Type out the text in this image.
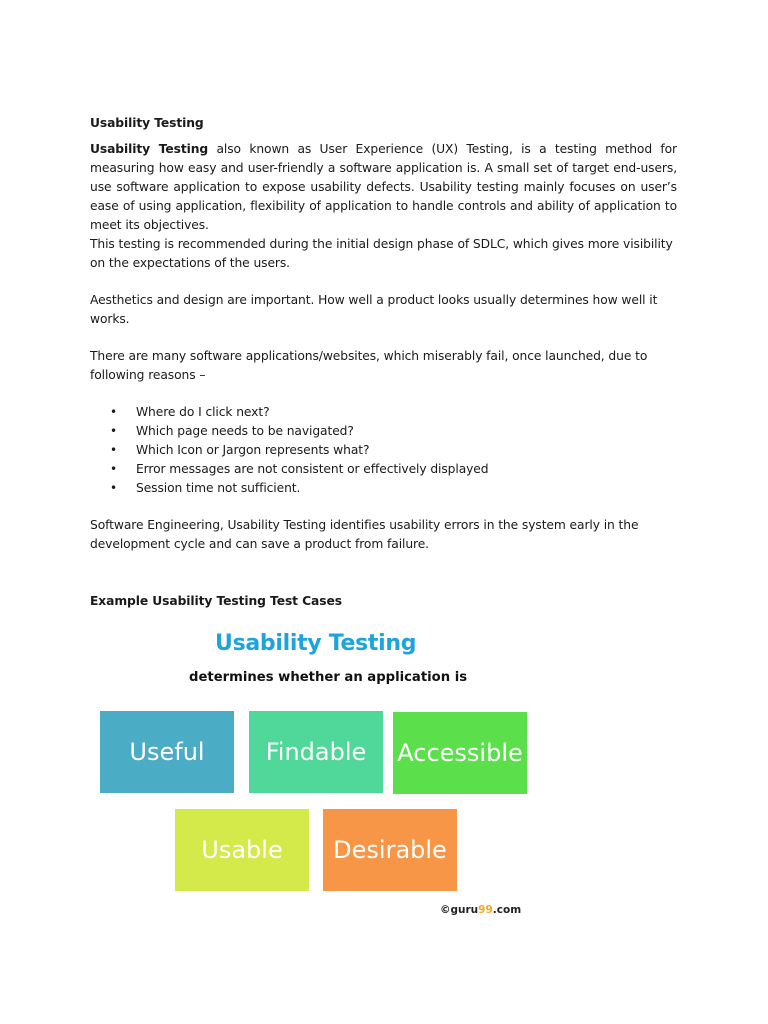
Usability Testing

Usability Testing also known as User Experience (UX) Testing, is a testing method for measuring how easy and user-friendly a software application is. A small set of target end-users, use software application to expose usability defects. Usability testing mainly focuses on user’s ease of using application, flexibility of application to handle controls and ability of application to meet its objectives.

This testing is recommended during the initial design phase of SDLC, which gives more visibility on the expectations of the users.

Aesthetics and design are important. How well a product looks usually determines how well it works.

There are many software applications/websites, which miserably fail, once launched, due to following reasons –

• Where do I click next?
• Which page needs to be navigated?
• Which Icon or Jargon represents what?
• Error messages are not consistent or effectively displayed
• Session time not sufficient.

Software Engineering, Usability Testing identifies usability errors in the system early in the development cycle and can save a product from failure.

Example Usability Testing Test Cases

Usability Testing
determines whether an application is
Useful	Findable Accessible
Usable Desirable
©guru99.com
